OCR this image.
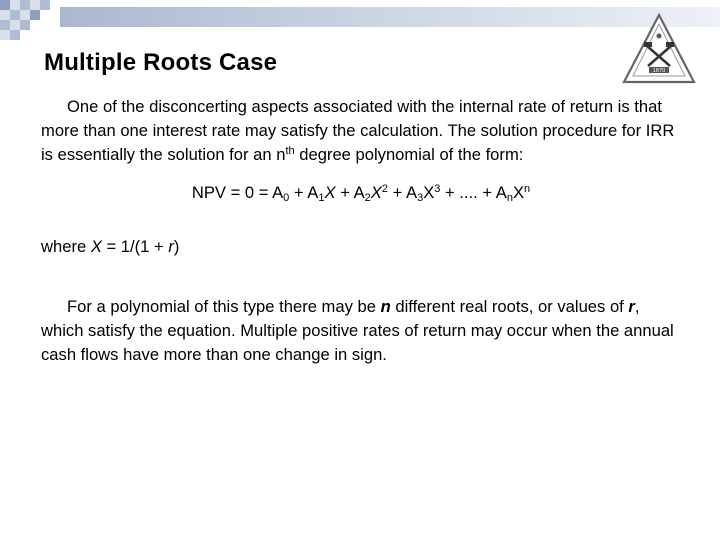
1870
Multiple Roots Case

One of the disconcerting aspects associated with the internal rate of return is that more than one interest rate may satisfy the calculation. The solution procedure for IRR is essentially the solution for an $n^{th}$ degree polynomial of the form:

NPV = $0 = A_0 + A_1X + A_2X^2 + A_3X^3$ + .... + $A_nX^n$

where X = 1/(1 + r)

For a polynomial of this type there may be n different real roots, or values of r, which satisfy the equation. Multiple positive rates of return may occur when the annual cash flows have more than one change in sign.
